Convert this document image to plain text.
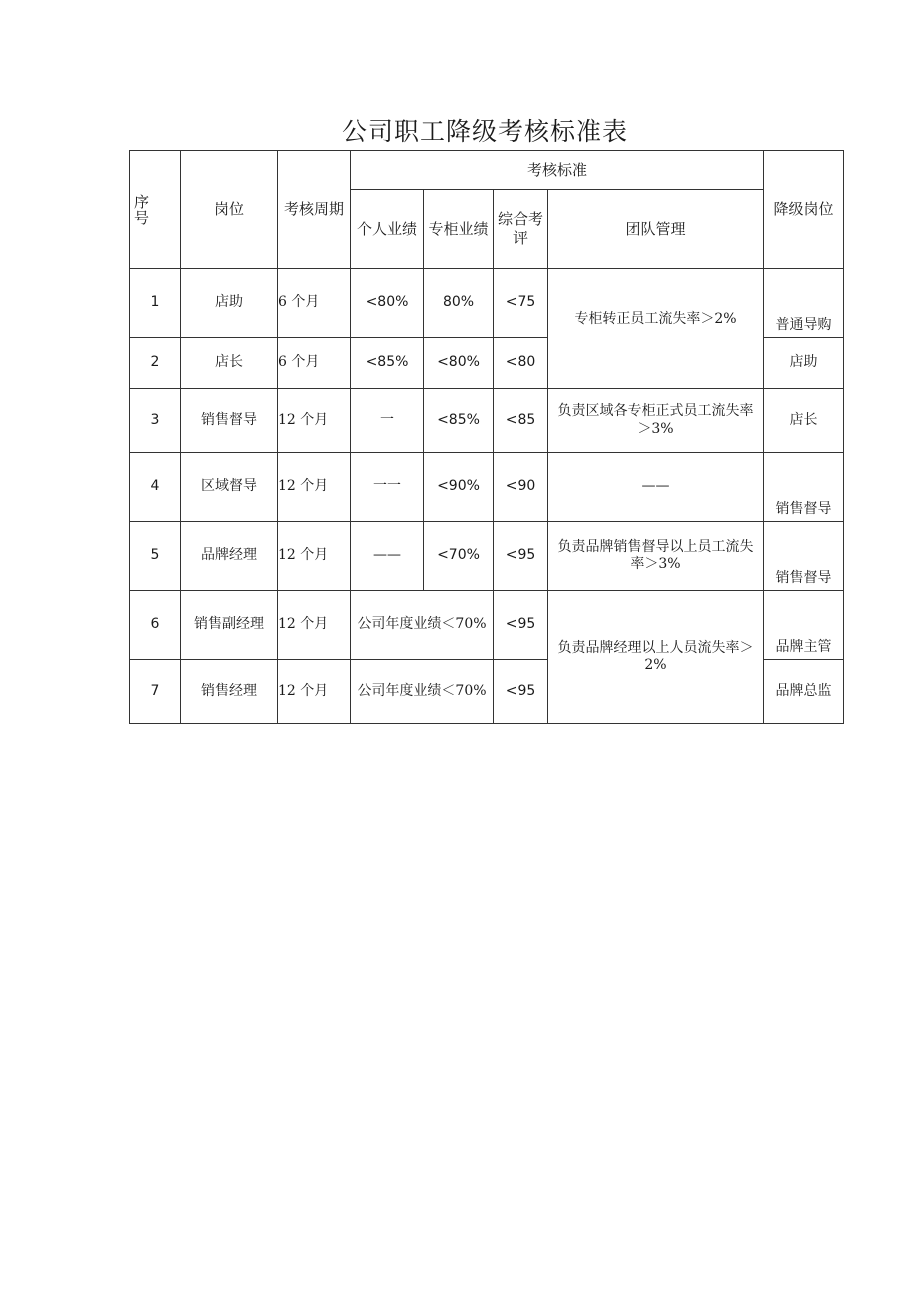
公司职工降级考核标准表
序号	岗位	考核周期	考核标准				降级岗位
			个人业绩	专柜业绩	综合考评	团队管理	
1	店助	6 个月	<80%	80%	<75	专柜转正员工流失率＞2%	普通导购
2	店长	6 个月	<85%	<80%	<80		店助
3	销售督导	12 个月	一	<85%	<85	负责区域各专柜正式员工流失率＞3%	店长
4	区域督导	12 个月	一一	<90%	<90	——	销售督导
5	品牌经理	12 个月	——	<70%	<95	负责品牌销售督导以上员工流失率＞3%	销售督导
6	销售副经理	12 个月	公司年度业绩＜70%		<95	负责品牌经理以上人员流失率＞2%	品牌主管
7	销售经理	12 个月	公司年度业绩＜70%		<95		品牌总监
